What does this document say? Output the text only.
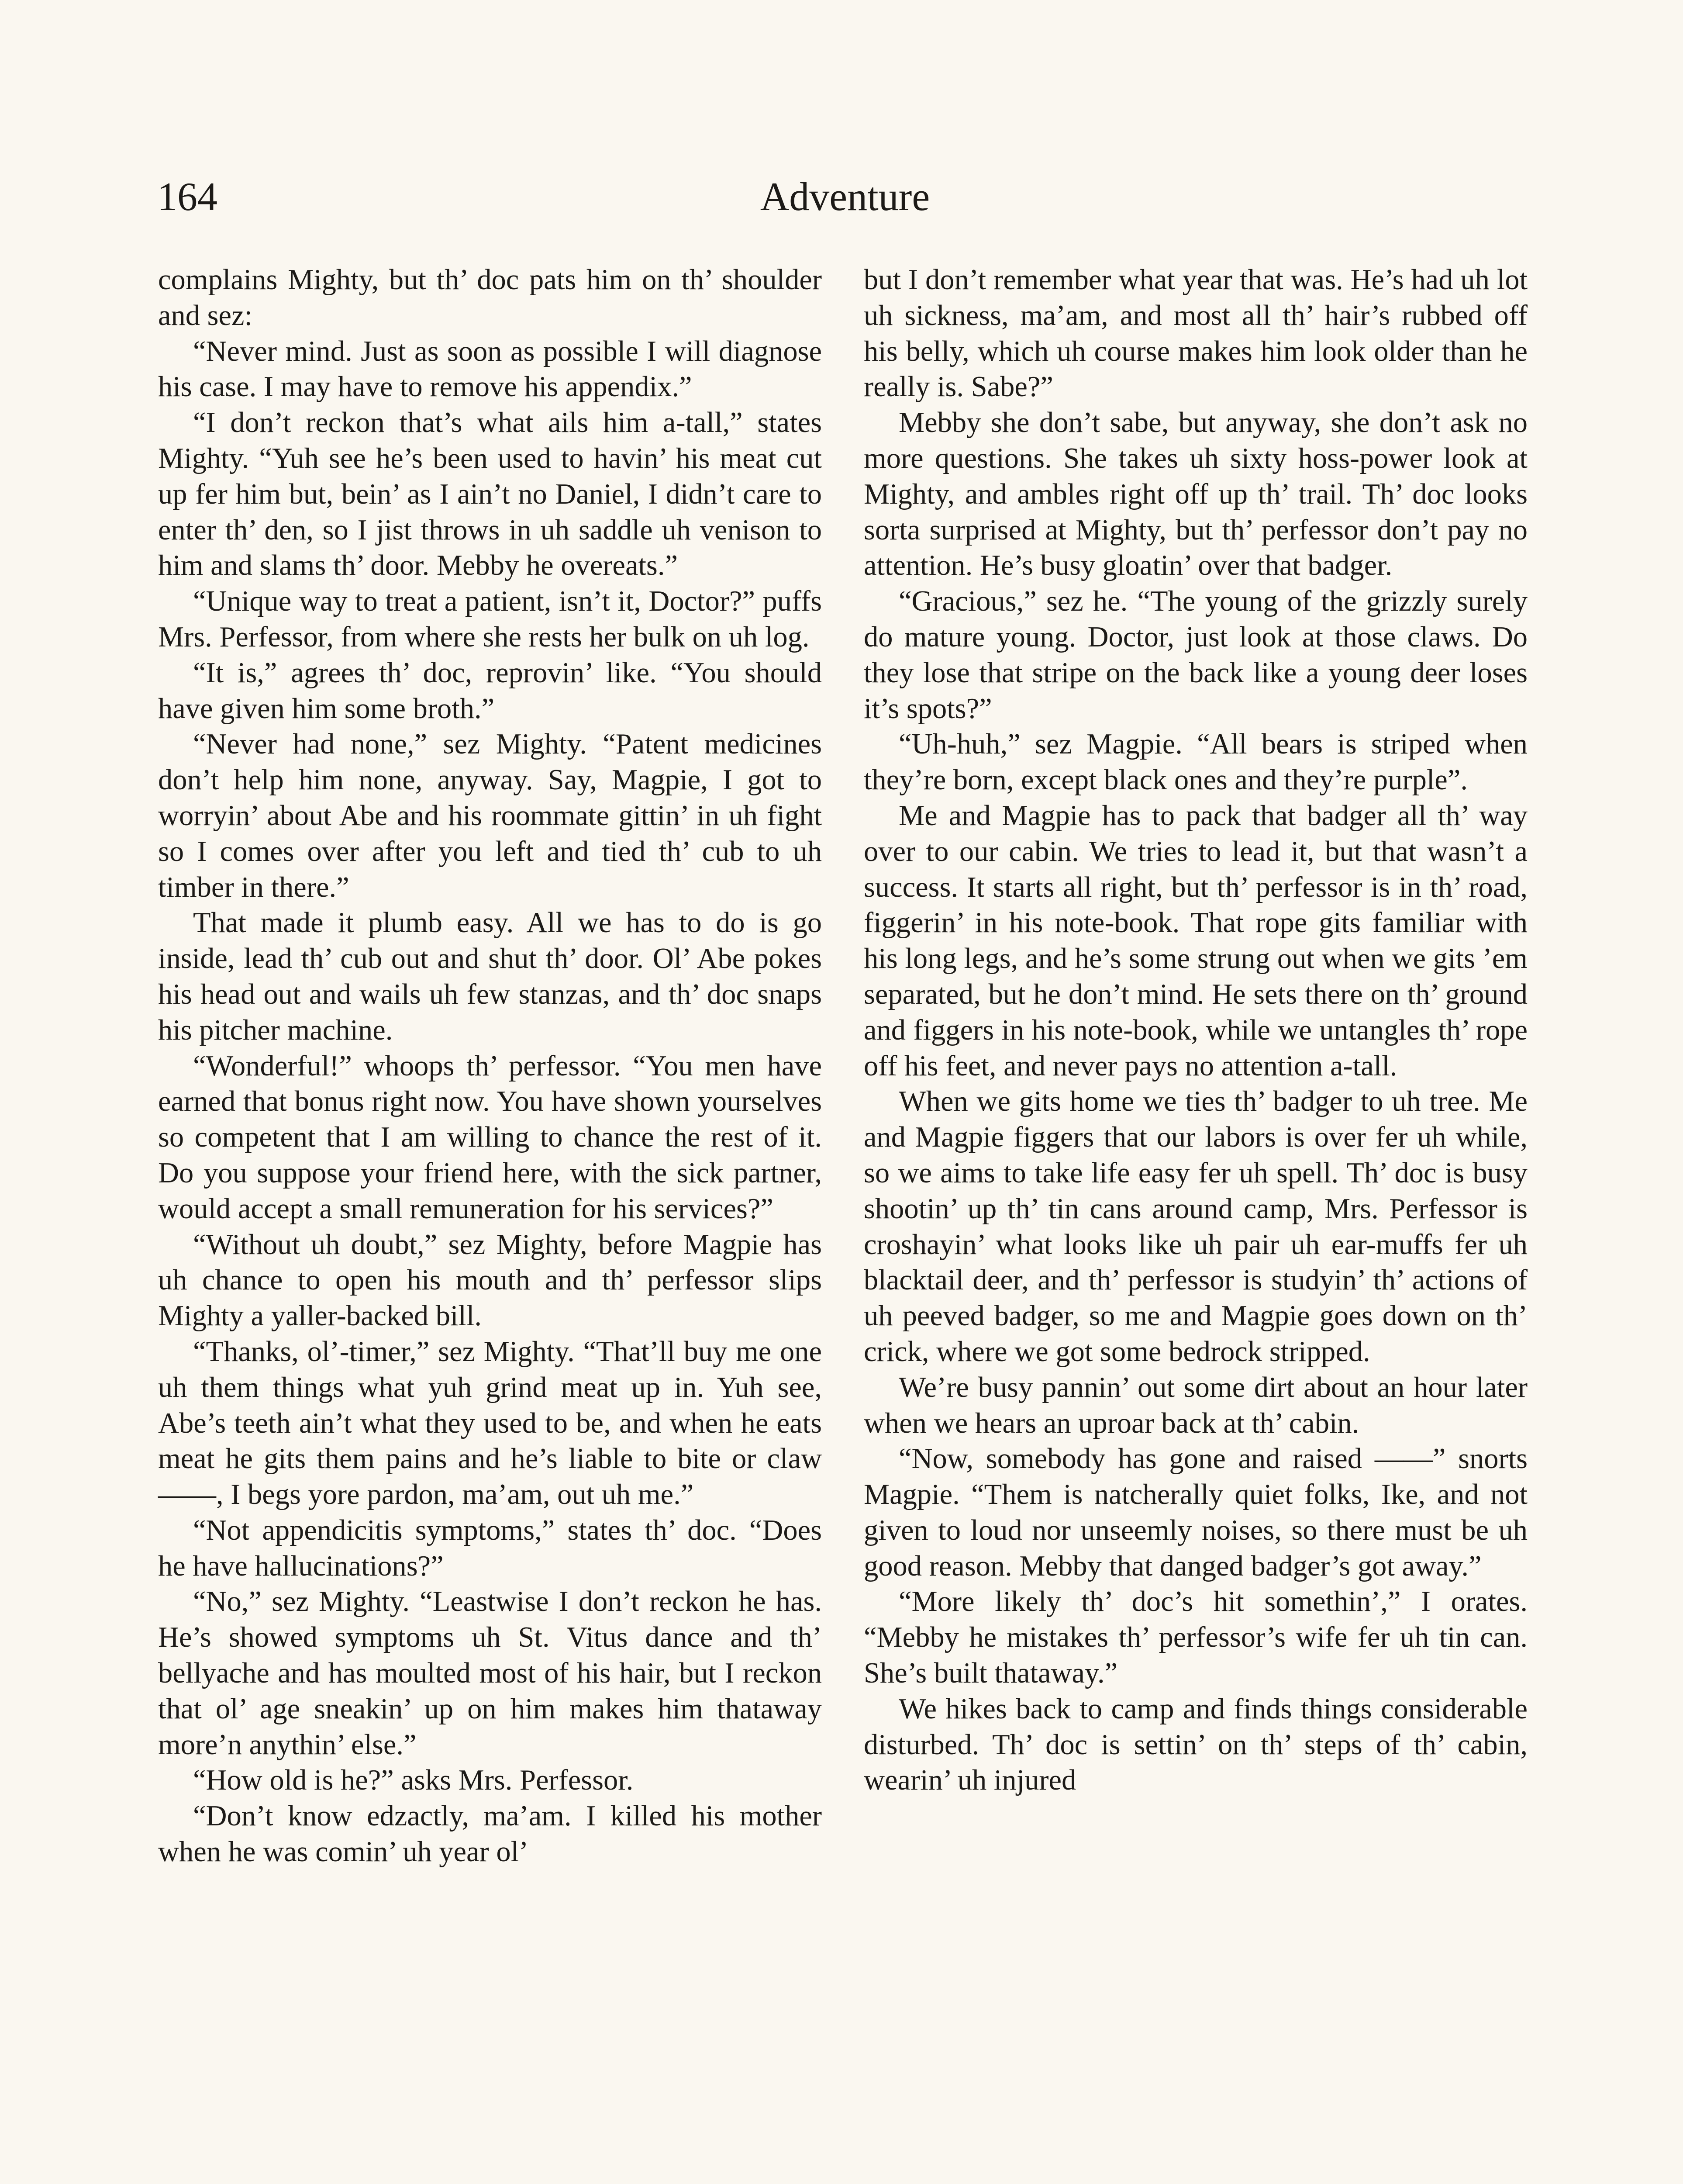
164	Adventure

complains Mighty, but th’ doc pats him on th’ shoulder and sez:

“Never mind. Just as soon as possible I will diagnose his case. I may have to remove his appendix.”

“I don’t reckon that’s what ails him a-tall,” states Mighty. “Yuh see he’s been used to havin’ his meat cut up fer him but, bein’ as I ain’t no Daniel, I didn’t care to enter th’ den, so I jist throws in uh saddle uh venison to him and slams th’ door. Mebby he overeats.”

“Unique way to treat a patient, isn’t it, Doctor?” puffs Mrs. Perfessor, from where she rests her bulk on uh log.

“It is,” agrees th’ doc, reprovin’ like. “You should have given him some broth.”

“Never had none,” sez Mighty. “Patent medicines don’t help him none, anyway. Say, Magpie, I got to worryin’ about Abe and his roommate gittin’ in uh fight so I comes over after you left and tied th’ cub to uh timber in there.”

That made it plumb easy. All we has to do is go inside, lead th’ cub out and shut th’ door. Ol’ Abe pokes his head out and wails uh few stanzas, and th’ doc snaps his pitcher machine.

“Wonderful!” whoops th’ perfessor. “You men have earned that bonus right now. You have shown yourselves so competent that I am willing to chance the rest of it. Do you suppose your friend here, with the sick partner, would accept a small remuneration for his services?”

“Without uh doubt,” sez Mighty, before Magpie has uh chance to open his mouth and th’ perfessor slips Mighty a yaller-backed bill.

“Thanks, ol’-timer,” sez Mighty. “That’ll buy me one uh them things what yuh grind meat up in. Yuh see, Abe’s teeth ain’t what they used to be, and when he eats meat he gits them pains and he’s liable to bite or claw ——, I begs yore pardon, ma’am, out uh me.”

“Not appendicitis symptoms,” states th’ doc. “Does he have hallucinations?”

“No,” sez Mighty. “Leastwise I don’t reckon he has. He’s showed symptoms uh St. Vitus dance and th’ bellyache and has moulted most of his hair, but I reckon that ol’ age sneakin’ up on him makes him thataway more’n anythin’ else.”

“How old is he?” asks Mrs. Perfessor.

“Don’t know edzactly, ma’am. I killed his mother when he was comin’ uh year ol’

but I don’t remember what year that was. He’s had uh lot uh sickness, ma’am, and most all th’ hair’s rubbed off his belly, which uh course makes him look older than he really is. Sabe?”

Mebby she don’t sabe, but anyway, she don’t ask no more questions. She takes uh sixty hoss-power look at Mighty, and ambles right off up th’ trail. Th’ doc looks sorta surprised at Mighty, but th’ perfessor don’t pay no attention. He’s busy gloatin’ over that badger.

“Gracious,” sez he. “The young of the grizzly surely do mature young. Doctor, just look at those claws. Do they lose that stripe on the back like a young deer loses it’s spots?”

“Uh-huh,” sez Magpie. “All bears is striped when they’re born, except black ones and they’re purple”.

Me and Magpie has to pack that badger all th’ way over to our cabin. We tries to lead it, but that wasn’t a success. It starts all right, but th’ perfessor is in th’ road, figgerin’ in his note-book. That rope gits familiar with his long legs, and he’s some strung out when we gits ’em separated, but he don’t mind. He sets there on th’ ground and figgers in his note-book, while we untangles th’ rope off his feet, and never pays no attention a-tall.

When we gits home we ties th’ badger to uh tree. Me and Magpie figgers that our labors is over fer uh while, so we aims to take life easy fer uh spell. Th’ doc is busy shootin’ up th’ tin cans around camp, Mrs. Perfessor is croshayin’ what looks like uh pair uh ear-muffs fer uh blacktail deer, and th’ perfessor is studyin’ th’ actions of uh peeved badger, so me and Magpie goes down on th’ crick, where we got some bedrock stripped.

We’re busy pannin’ out some dirt about an hour later when we hears an uproar back at th’ cabin.

“Now, somebody has gone and raised ——” snorts Magpie. “Them is natcherally quiet folks, Ike, and not given to loud nor unseemly noises, so there must be uh good reason. Mebby that danged badger’s got away.”

“More likely th’ doc’s hit somethin’,” I orates. “Mebby he mistakes th’ perfessor’s wife fer uh tin can. She’s built thataway.”

We hikes back to camp and finds things considerable disturbed. Th’ doc is settin’ on th’ steps of th’ cabin, wearin’ uh injured
